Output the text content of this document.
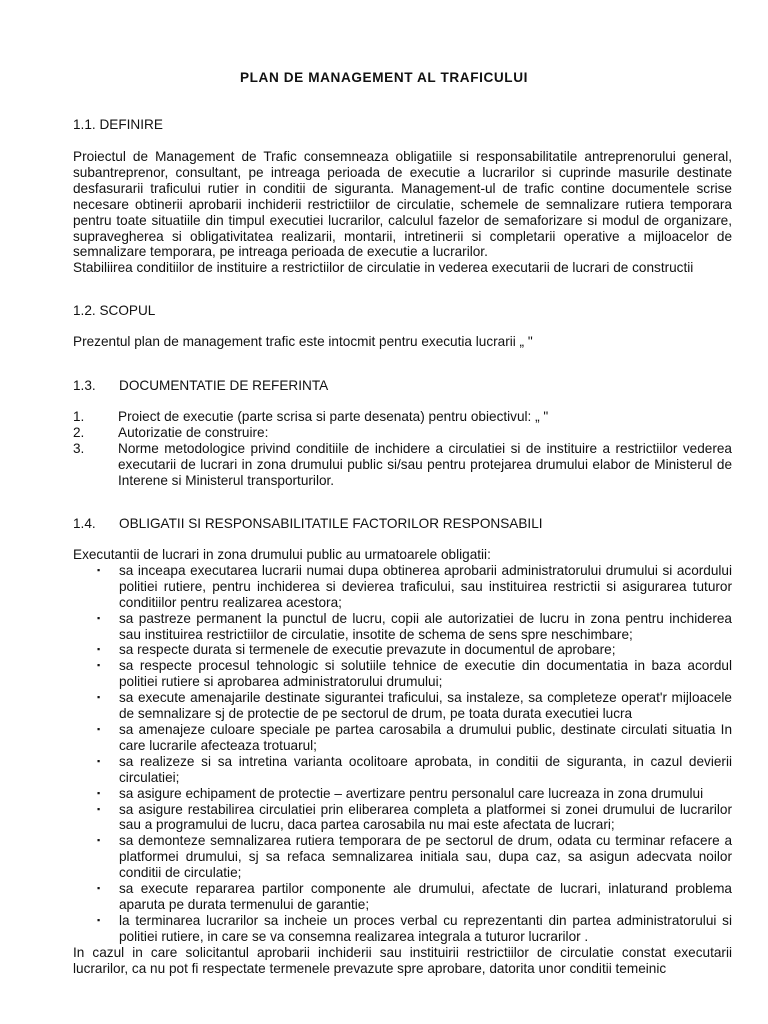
PLAN DE MANAGEMENT AL TRAFICULUI

1.1. DEFINIRE

Proiectul de Management de Trafic consemneaza obligatiile si responsabilitatile antreprenorului general, subantreprenor, consultant, pe intreaga perioada de executie a lucrarilor si cuprinde masurile destinate desfasurarii traficului rutier in conditii de siguranta. Management-ul de trafic contine documentele scrise necesare obtinerii aprobarii inchiderii restrictiilor de circulatie, schemele de semnalizare rutiera temporara pentru toate situatiile din timpul executiei lucrarilor, calculul fazelor de semaforizare si modul de organizare, supravegherea si obligativitatea realizarii, montarii, intretinerii si completarii operative a mijloacelor de semnalizare temporara, pe intreaga perioada de executie a lucrarilor.

Stabiliirea conditiilor de instituire a restrictiilor de circulatie in vederea executarii de lucrari de constructii

1.2. SCOPUL

Prezentul plan de management trafic este intocmit pentru executia lucrarii „ "

1.3.	DOCUMENTATIE DE REFERINTA
1.	Proiect de executie (parte scrisa si parte desenata) pentru obiectivul: „ "
2.	Autorizatie de construire:
3.	Norme metodologice privind conditiile de inchidere a circulatiei si de instituire a restrictiilor vederea executarii de lucrari in zona drumului public si/sau pentru protejarea drumului elabor de Ministerul de Interene si Ministerul transporturilor.
1.4.	OBLIGATII SI RESPONSABILITATILE FACTORILOR RESPONSABILI

Executantii de lucrari in zona drumului public au urmatoarele obligatii:

▪	sa inceapa executarea lucrarii numai dupa obtinerea aprobarii administratorului drumului si acordului politiei rutiere, pentru inchiderea si devierea traficului, sau instituirea restrictii si asigurarea tuturor conditiilor pentru realizarea acestora;
▪	sa pastreze permanent la punctul de lucru, copii ale autorizatiei de lucru in zona pentru inchiderea sau instituirea restrictiilor de circulatie, insotite de schema de sens spre neschimbare;
▪	sa respecte durata si termenele de executie prevazute in documentul de aprobare;
▪	sa respecte procesul tehnologic si solutiile tehnice de executie din documentatia in baza acordul politiei rutiere si aprobarea administratorului drumului;
▪	sa execute amenajarile destinate sigurantei traficului, sa instaleze, sa completeze operat'r mijloacele de semnalizare sj de protectie de pe sectorul de drum, pe toata durata executiei lucra
▪	sa amenajeze culoare speciale pe partea carosabila a drumului public, destinate circulati situatia In care lucrarile afecteaza trotuarul;
▪	sa realizeze si sa intretina varianta ocolitoare aprobata, in conditii de siguranta, in cazul devierii circulatiei;
▪	sa asigure echipament de protectie – avertizare pentru personalul care lucreaza in zona drumului
▪	sa asigure restabilirea circulatiei prin eliberarea completa a platformei si zonei drumului de lucrarilor sau a programului de lucru, daca partea carosabila nu mai este afectata de lucrari;
▪	sa demonteze semnalizarea rutiera temporara de pe sectorul de drum, odata cu terminar refacere a platformei drumului, sj sa refaca semnalizarea initiala sau, dupa caz, sa asigun adecvata noilor conditii de circulatie;
▪	sa execute repararea partilor componente ale drumului, afectate de lucrari, inlaturand problema aparuta pe durata termenului de garantie;
▪	la terminarea lucrarilor sa incheie un proces verbal cu reprezentanti din partea administratorului si politiei rutiere, in care se va consemna realizarea integrala a tuturor lucrarilor .

In cazul in care solicitantul aprobarii inchiderii sau instituirii restrictiilor de circulatie constat executarii lucrarilor, ca nu pot fi respectate termenele prevazute spre aprobare, datorita unor conditii temeinic
